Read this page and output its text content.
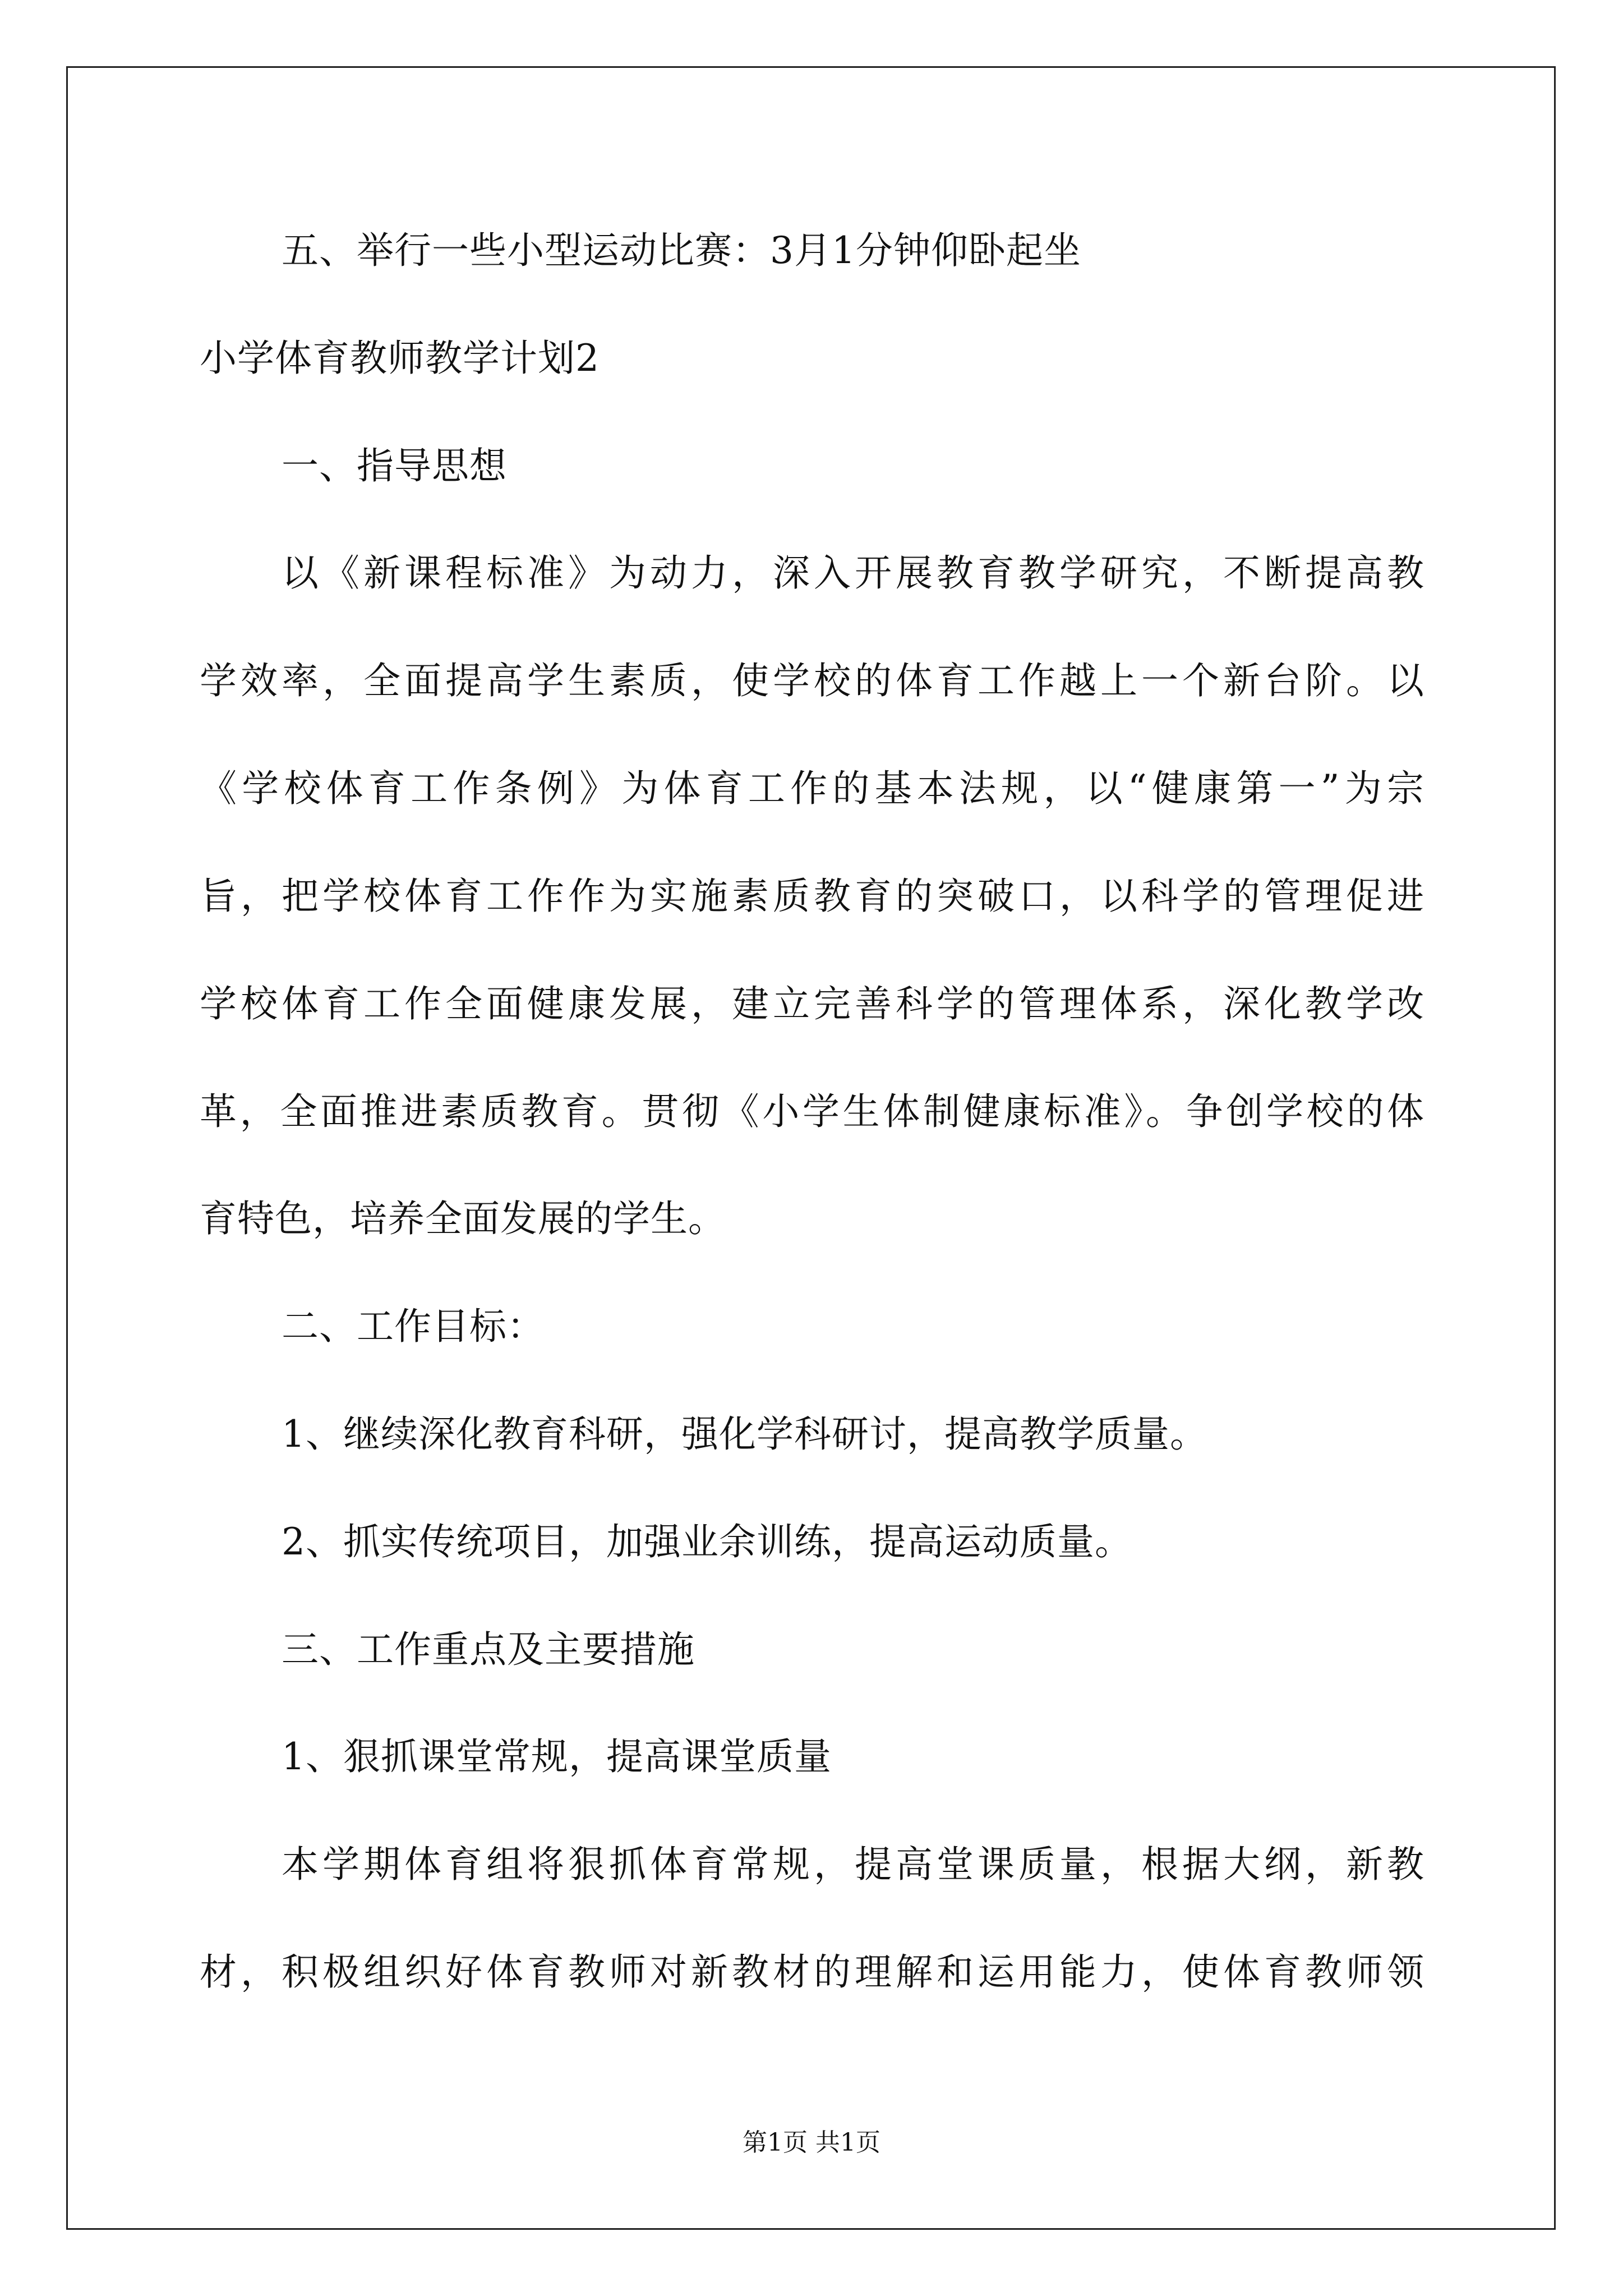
五、举行一些小型运动比赛：3月1分钟仰卧起坐
小学体育教师教学计划2
一、指导思想
以《新课程标准》为动力，深入开展教育教学研究，不断提高教
学效率，全面提高学生素质，使学校的体育工作越上一个新台阶。以
《学校体育工作条例》为体育工作的基本法规，以“健康第一”为宗
旨，把学校体育工作作为实施素质教育的突破口，以科学的管理促进
学校体育工作全面健康发展，建立完善科学的管理体系，深化教学改
革，全面推进素质教育。贯彻《小学生体制健康标准》。争创学校的体
育特色，培养全面发展的学生。
二、工作目标：
1、继续深化教育科研，强化学科研讨，提高教学质量。
2、抓实传统项目，加强业余训练，提高运动质量。
三、工作重点及主要措施
1、狠抓课堂常规，提高课堂质量
本学期体育组将狠抓体育常规，提高堂课质量，根据大纲，新教
材，积极组织好体育教师对新教材的理解和运用能力，使体育教师领
第1页 共1页
